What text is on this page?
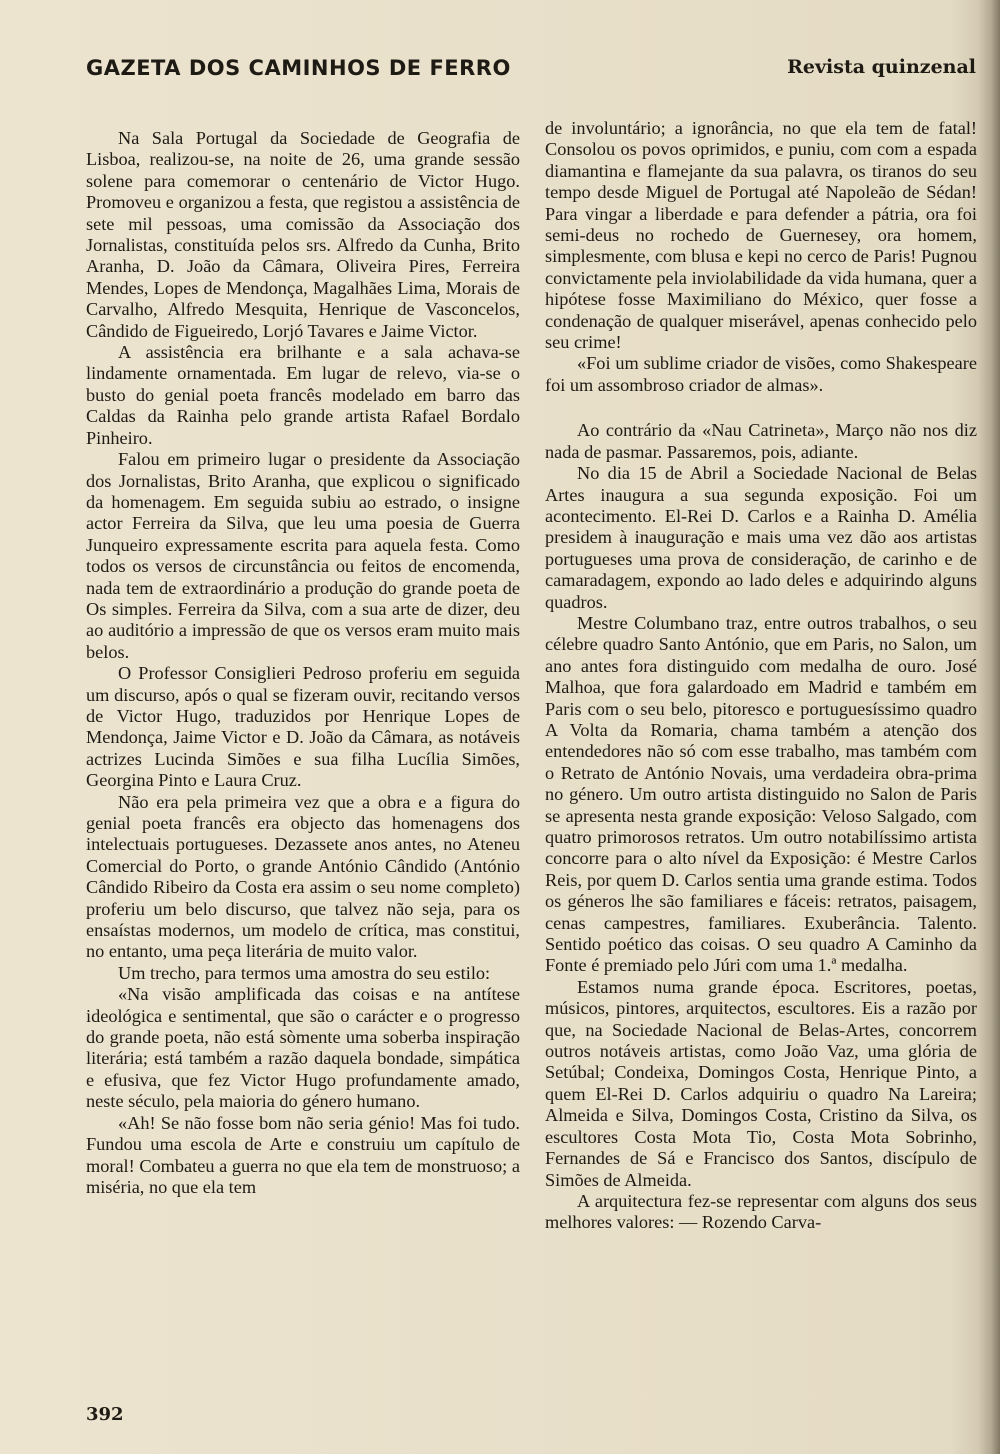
GAZETA DOS CAMINHOS DE FERRO	Revista quinzenal

Na Sala Portugal da Sociedade de Geografia de Lisboa, realizou-se, na noite de 26, uma grande sessão solene para comemorar o centenário de Victor Hugo. Promoveu e organizou a festa, que registou a assistência de sete mil pessoas, uma comissão da Associação dos Jornalistas, constituída pelos srs. Alfredo da Cunha, Brito Aranha, D. João da Câmara, Oliveira Pires, Ferreira Mendes, Lopes de Mendonça, Magalhães Lima, Morais de Carvalho, Alfredo Mesquita, Henrique de Vasconcelos, Cândido de Figueiredo, Lorjó Tavares e Jaime Victor.

A assistência era brilhante e a sala achava-se lindamente ornamentada. Em lugar de relevo, via-se o busto do genial poeta francês modelado em barro das Caldas da Rainha pelo grande artista Rafael Bordalo Pinheiro.

Falou em primeiro lugar o presidente da Associação dos Jornalistas, Brito Aranha, que explicou o significado da homenagem. Em seguida subiu ao estrado, o insigne actor Ferreira da Silva, que leu uma poesia de Guerra Junqueiro expressamente escrita para aquela festa. Como todos os versos de circunstância ou feitos de encomenda, nada tem de extraordinário a produção do grande poeta de Os simples. Ferreira da Silva, com a sua arte de dizer, deu ao auditório a impressão de que os versos eram muito mais belos.

O Professor Consiglieri Pedroso proferiu em seguida um discurso, após o qual se fizeram ouvir, recitando versos de Victor Hugo, traduzidos por Henrique Lopes de Mendonça, Jaime Victor e D. João da Câmara, as notáveis actrizes Lucinda Simões e sua filha Lucília Simões, Georgina Pinto e Laura Cruz.

Não era pela primeira vez que a obra e a figura do genial poeta francês era objecto das homenagens dos intelectuais portugueses. Dezassete anos antes, no Ateneu Comercial do Porto, o grande António Cândido (António Cândido Ribeiro da Costa era assim o seu nome completo) proferiu um belo discurso, que talvez não seja, para os ensaístas modernos, um modelo de crítica, mas constitui, no entanto, uma peça literária de muito valor.

Um trecho, para termos uma amostra do seu estilo:

«Na visão amplificada das coisas e na antítese ideológica e sentimental, que são o carácter e o progresso do grande poeta, não está sòmente uma soberba inspiração literária; está também a razão daquela bondade, simpática e efusiva, que fez Victor Hugo profundamente amado, neste século, pela maioria do género humano.

«Ah! Se não fosse bom não seria génio! Mas foi tudo. Fundou uma escola de Arte e construiu um capítulo de moral! Combateu a guerra no que ela tem de monstruoso; a miséria, no que ela tem

de involuntário; a ignorância, no que ela tem de fatal! Consolou os povos oprimidos, e puniu, com com a espada diamantina e flamejante da sua palavra, os tiranos do seu tempo desde Miguel de Portugal até Napoleão de Sédan! Para vingar a liberdade e para defender a pátria, ora foi semi-deus no rochedo de Guernesey, ora homem, simplesmente, com blusa e kepi no cerco de Paris! Pugnou convictamente pela inviolabilidade da vida humana, quer a hipótese fosse Maximiliano do México, quer fosse a condenação de qualquer miserável, apenas conhecido pelo seu crime!

«Foi um sublime criador de visões, como Shakespeare foi um assombroso criador de almas».

Ao contrário da «Nau Catrineta», Março não nos diz nada de pasmar. Passaremos, pois, adiante.

No dia 15 de Abril a Sociedade Nacional de Belas Artes inaugura a sua segunda exposição. Foi um acontecimento. El-Rei D. Carlos e a Rainha D. Amélia presidem à inauguração e mais uma vez dão aos artistas portugueses uma prova de consideração, de carinho e de camaradagem, expondo ao lado deles e adquirindo alguns quadros.

Mestre Columbano traz, entre outros trabalhos, o seu célebre quadro Santo António, que em Paris, no Salon, um ano antes fora distinguido com medalha de ouro. José Malhoa, que fora galardoado em Madrid e também em Paris com o seu belo, pitoresco e portuguesíssimo quadro A Volta da Romaria, chama também a atenção dos entendedores não só com esse trabalho, mas também com o Retrato de António Novais, uma verdadeira obra-prima no género. Um outro artista distinguido no Salon de Paris se apresenta nesta grande exposição: Veloso Salgado, com quatro primorosos retratos. Um outro notabilíssimo artista concorre para o alto nível da Exposição: é Mestre Carlos Reis, por quem D. Carlos sentia uma grande estima. Todos os géneros lhe são familiares e fáceis: retratos, paisagem, cenas campestres, familiares. Exuberância. Talento. Sentido poético das coisas. O seu quadro A Caminho da Fonte é premiado pelo Júri com uma 1.ª medalha.

Estamos numa grande época. Escritores, poetas, músicos, pintores, arquitectos, escultores. Eis a razão por que, na Sociedade Nacional de Belas-Artes, concorrem outros notáveis artistas, como João Vaz, uma glória de Setúbal; Condeixa, Domingos Costa, Henrique Pinto, a quem El-Rei D. Carlos adquiriu o quadro Na Lareira; Almeida e Silva, Domingos Costa, Cristino da Silva, os escultores Costa Mota Tio, Costa Mota Sobrinho, Fernandes de Sá e Francisco dos Santos, discípulo de Simões de Almeida.

A arquitectura fez-se representar com alguns dos seus melhores valores: — Rozendo Carva-

392
